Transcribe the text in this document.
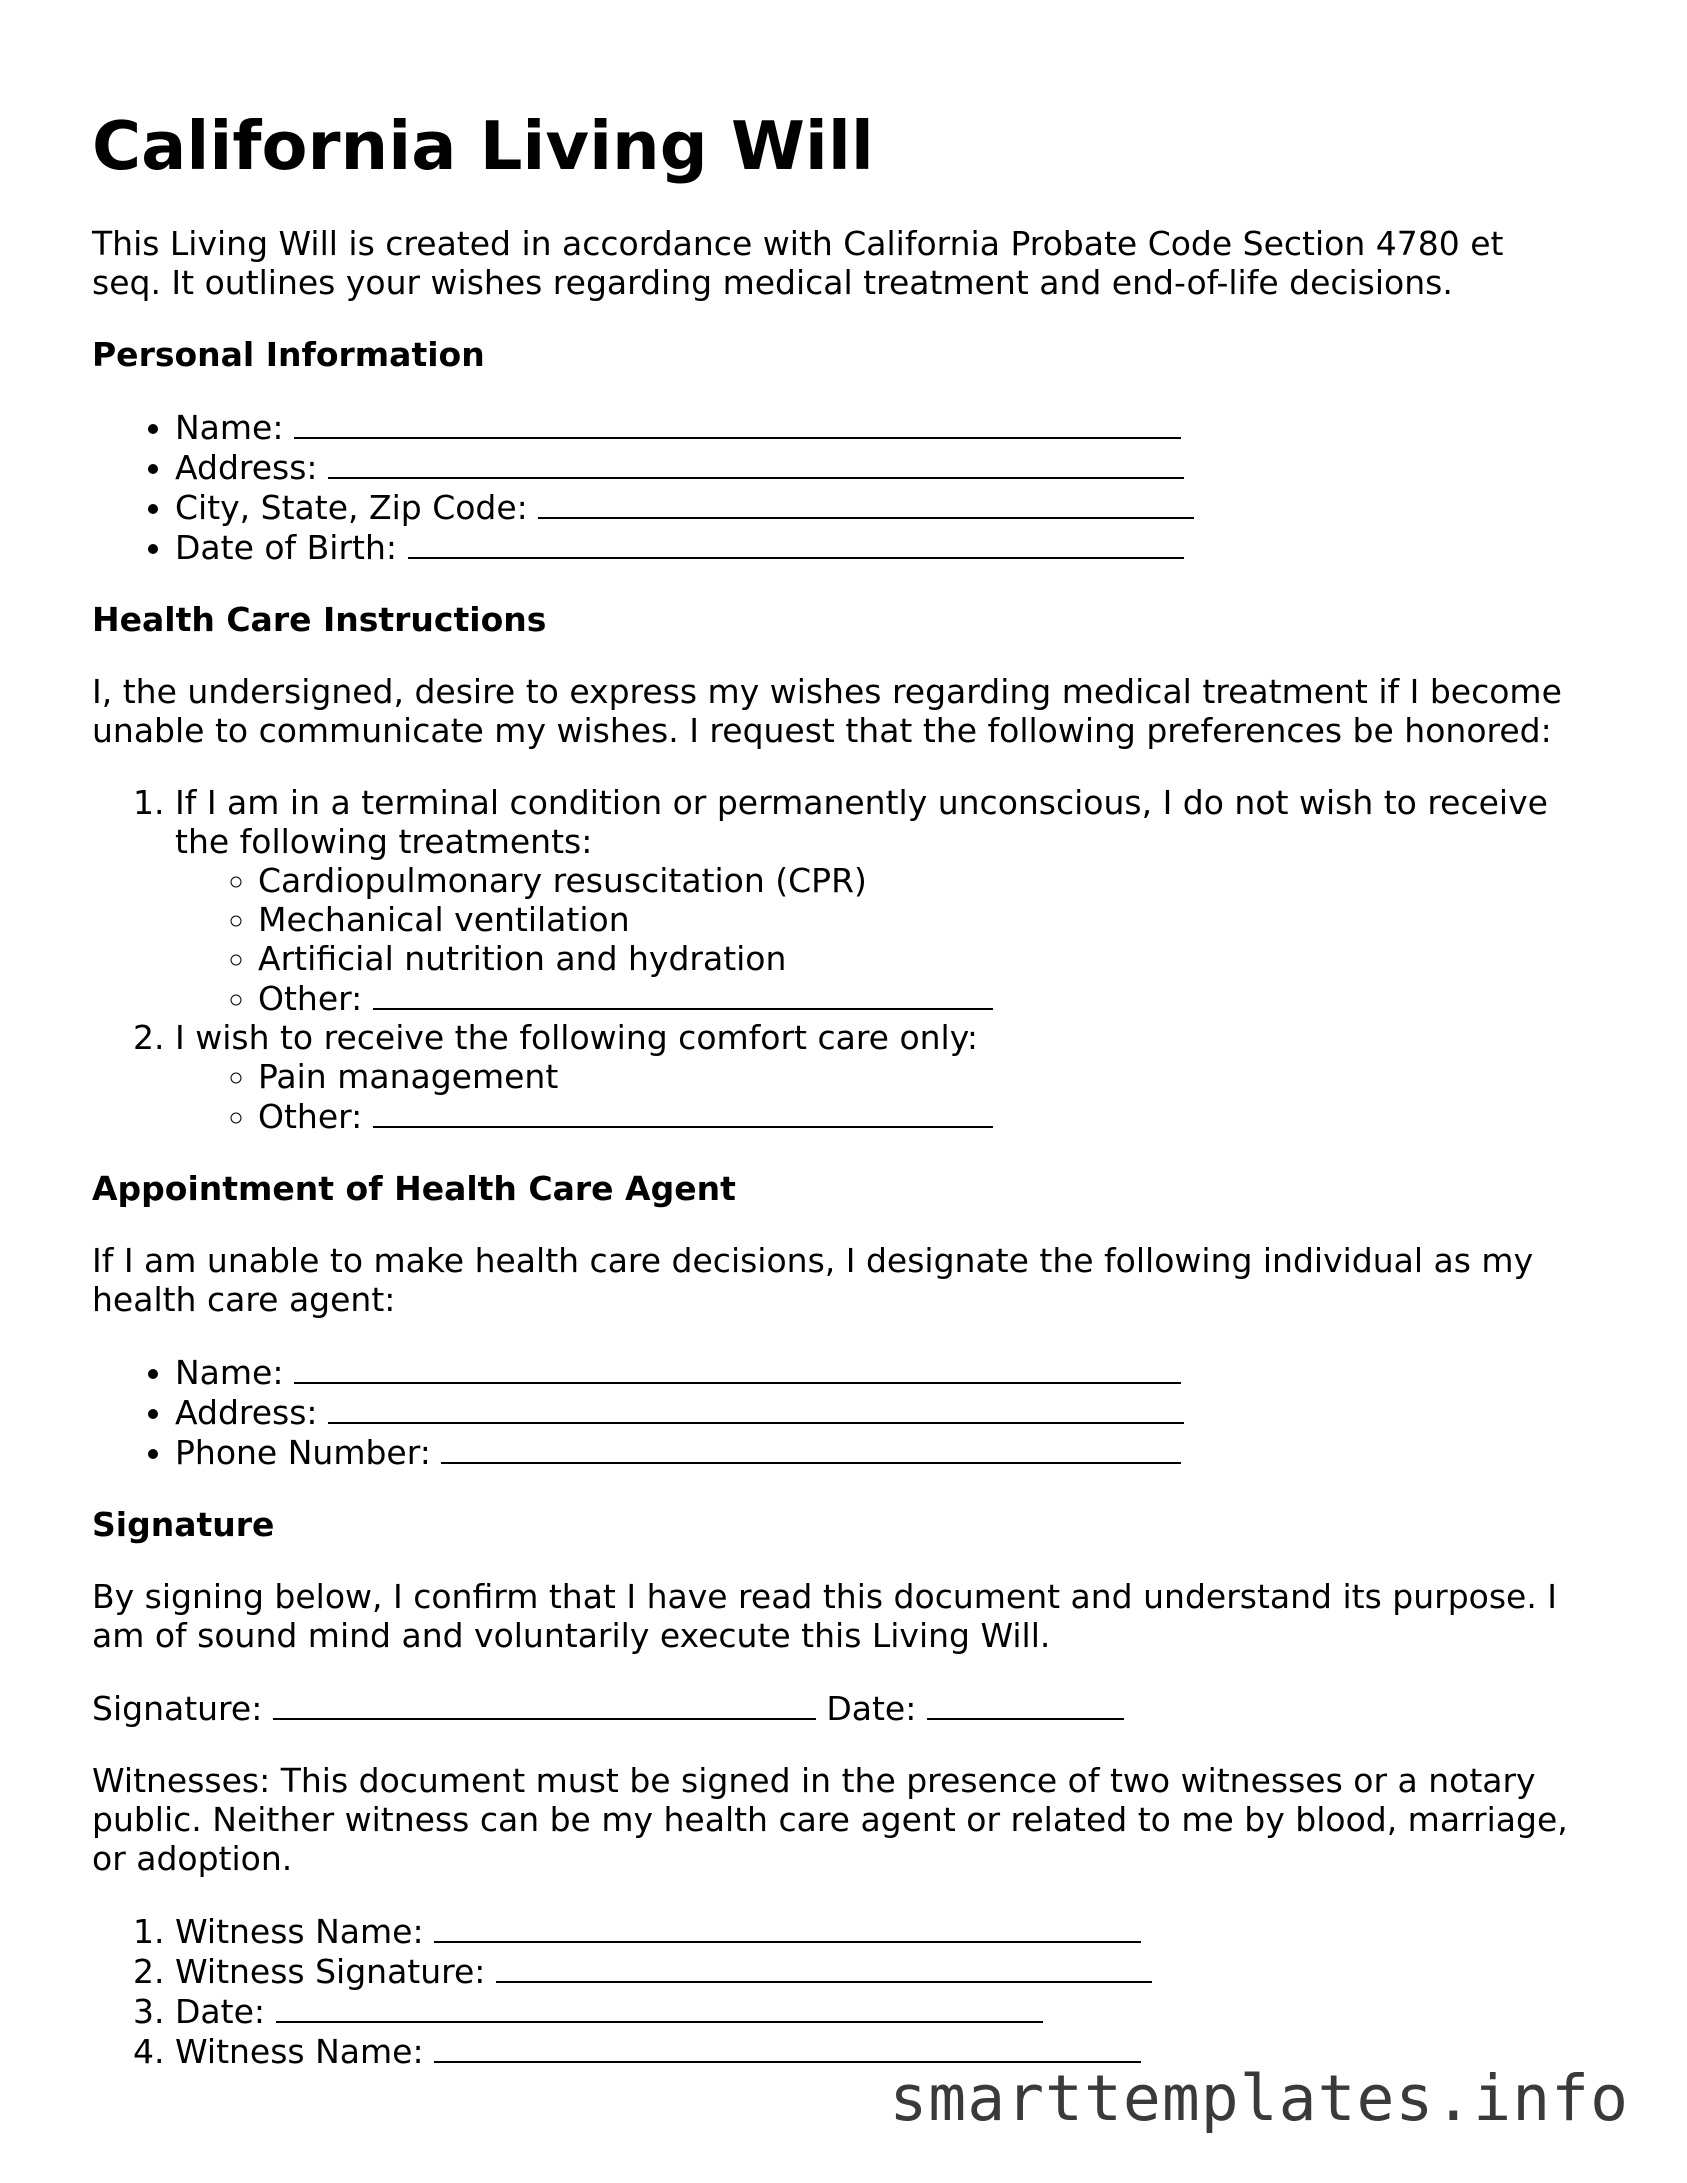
California Living Will

This Living Will is created in accordance with California Probate Code Section 4780 et seq. It outlines your wishes regarding medical treatment and end-of-life decisions.

Personal Information
• Name:
• Address:
• City, State, Zip Code:
• Date of Birth:
Health Care Instructions

I, the undersigned, desire to express my wishes regarding medical treatment if I become unable to communicate my wishes. I request that the following preferences be honored:

1. If I am in a terminal condition or permanently unconscious, I do not wish to receive the following treatments:
◦ Cardiopulmonary resuscitation (CPR)
◦ Mechanical ventilation
◦ Artificial nutrition and hydration
◦ Other:
2. I wish to receive the following comfort care only:
◦ Pain management
◦ Other:
Appointment of Health Care Agent

If I am unable to make health care decisions, I designate the following individual as my health care agent:

• Name:
• Address:
• Phone Number:
Signature

By signing below, I confirm that I have read this document and understand its purpose. I am of sound mind and voluntarily execute this Living Will.

Signature:	Date:

Witnesses: This document must be signed in the presence of two witnesses or a notary public. Neither witness can be my health care agent or related to me by blood, marriage, or adoption.

1. Witness Name:
2. Witness Signature:
3. Date:
4. Witness Name:
smarttemplates.info
